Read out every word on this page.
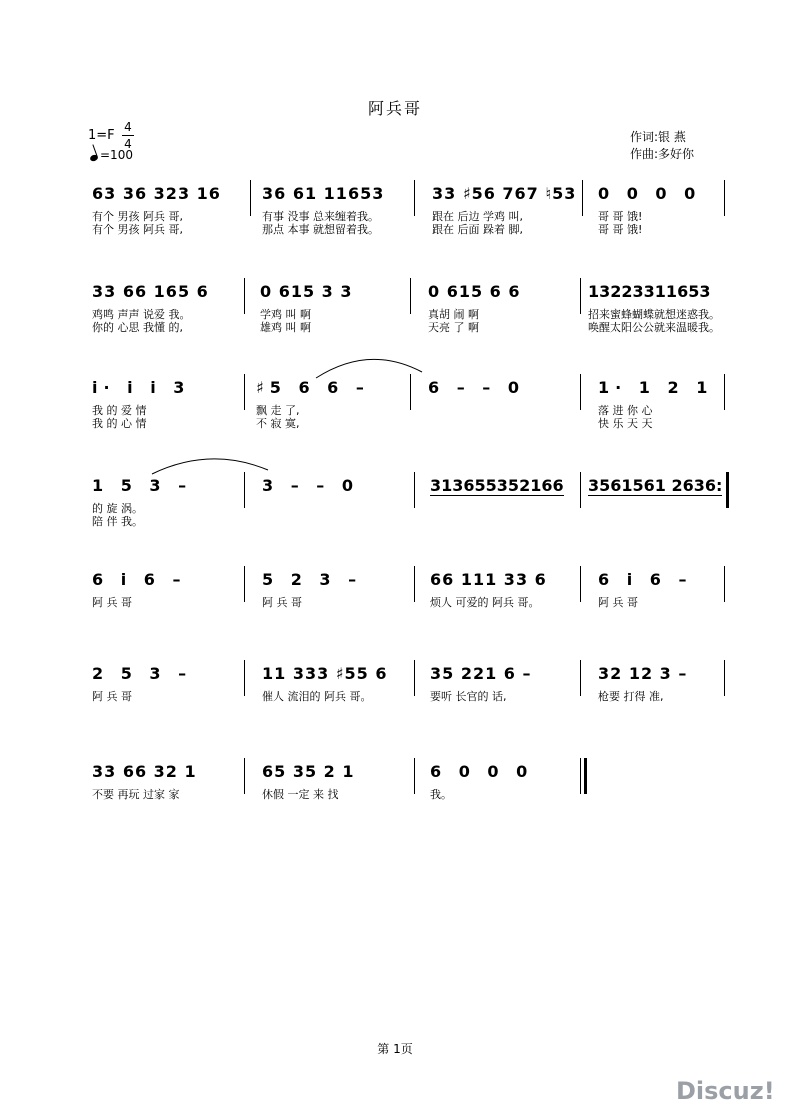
阿兵哥
1=F
4
4
=100
作词:银 燕
作曲:多好你
63 36 323 16
有个 男孩 阿兵 哥,
有个 男孩 阿兵 哥,
36 61 11653
有事 没事 总来缠着我。
那点 本事 就想留着我。
33 ♯56 767 ♮53
跟在 后边 学鸡 叫,
跟在 后面 跺着 脚,
0 0 0 0
哥 哥 饿!
哥 哥 饿!
33 66 165 6
鸡鸣 声声 说爱 我。
你的 心思 我懂 的,
0 615 3 3
学鸡 叫 啊
雄鸡 叫 啊
0 615 6 6
真胡 闹 啊
天亮 了 啊
13223311653
招来蜜蜂蝴蝶就想迷惑我。
唤醒太阳公公就来温暖我。
i· i i 3
我 的 爱 情
我 的 心 情
♯5 6 6 –
飘 走 了,
不 寂 寞,
6 – – 0	1· 1 2 1
落 进 你 心
快 乐 天 天
1 5 3 –
的 旋 涡。
陪 伴 我。
3 – – 0	313655352166 3561561 2636:
6 i 6 –
阿 兵 哥
5 2 3 –
阿 兵 哥
66 111 33 6
烦人 可爱的 阿兵 哥。
6 i 6 –
阿 兵 哥
2 5 3 –
阿 兵 哥
11 333 ♯55 6
催人 流泪的 阿兵 哥。
35 221 6 –
要听 长官的 话,
32 12 3 –
枪要 打得 准,
33 66 32 1
不要 再玩 过家 家
65 35 2 1
休假 一定 来 找
6 0 0 0
我。
第 1页
Discuz!
